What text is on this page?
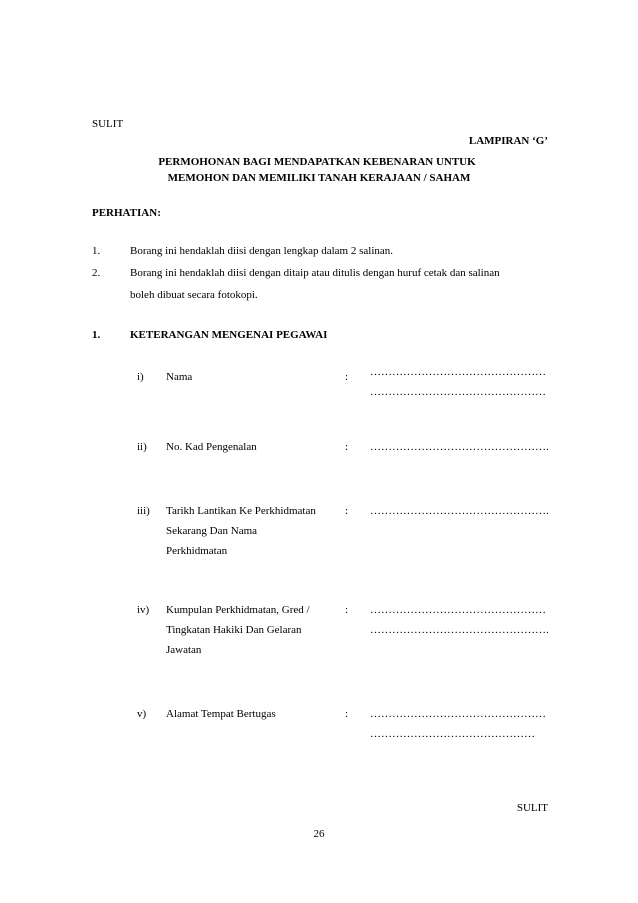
SULIT
LAMPIRAN ‘G’
PERMOHONAN BAGI MENDAPATKAN KEBENARAN UNTUK
MEMOHON DAN MEMILIKI TANAH KERAJAAN / SAHAM
PERHATIAN:
1.	Borang ini hendaklah diisi dengan lengkap dalam 2 salinan.
2.	Borang ini hendaklah diisi dengan ditaip atau ditulis dengan huruf cetak dan salinan
boleh dibuat secara fotokopi.
1.	KETERANGAN MENGENAI PEGAWAI
i) Nama	: …………………………………………
…………………………………………
ii) No. Kad Pengenalan	: ………………………………………….
iii) Tarikh Lantikan Ke Perkhidmatan
Sekarang Dan Nama
Perkhidmatan
: ………………………………………….
iv) Kumpulan Perkhidmatan, Gred /
Tingkatan Hakiki Dan Gelaran
Jawatan
: …………………………………………
………………………………………….
v) Alamat Tempat Bertugas	: …………………………………………
………………………………………
SULIT
26
